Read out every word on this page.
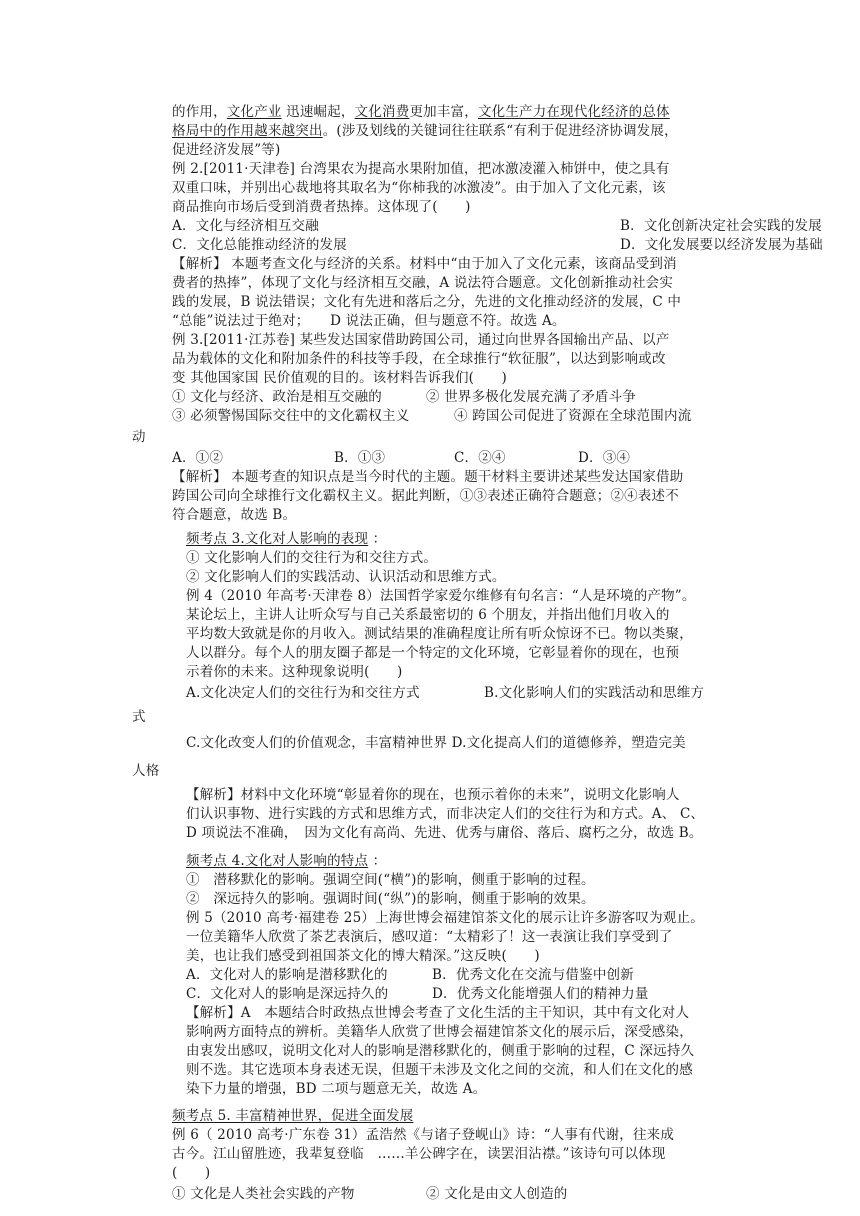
的作用，文化产业 迅速崛起，文化消费更加丰富，文化生产力在现代化经济的总体
格局中的作用越来越突出。(涉及划线的关键词往往联系“有利于促进经济协调发展，
促进经济发展”等)
例 2.[2011·天津卷] 台湾果农为提高水果附加值，把冰激凌灌入柿饼中，使之具有
双重口味，并别出心裁地将其取名为“你柿我的冰激凌”。由于加入了文化元素，该
商品推向市场后受到消费者热捧。这体现了(　　)
A．文化与经济相互交融	B．文化创新决定社会实践的发展
C．文化总能推动经济的发展	D．文化发展要以经济发展为基础
【解析】 本题考查文化与经济的关系。材料中“由于加入了文化元素，该商品受到消
费者的热捧”，体现了文化与经济相互交融，A 说法符合题意。文化创新推动社会实
践的发展，B 说法错误；文化有先进和落后之分，先进的文化推动经济的发展，C 中
“总能”说法过于绝对；　　D 说法正确，但与题意不符。故选 A。
例 3.[2011·江苏卷] 某些发达国家借助跨国公司，通过向世界各国输出产品、以产
品为载体的文化和附加条件的科技等手段，在全球推行“软征服”，以达到影响或改
变 其他国家国 民价值观的目的。该材料告诉我们(　　)
① 文化与经济、政治是相互交融的	② 世界多极化发展充满了矛盾斗争
③ 必须警惕国际交往中的文化霸权主义	④ 跨国公司促进了资源在全球范围内流
动
A．①②	B．①③	C．②④	D．③④
【解析】 本题考查的知识点是当今时代的主题。题干材料主要讲述某些发达国家借助
跨国公司向全球推行文化霸权主义。据此判断，①③表述正确符合题意；②④表述不
符合题意，故选 B。
频考点 3.文化对人影响的表现 ：
① 文化影响人们的交往行为和交往方式。
② 文化影响人们的实践活动、认识活动和思维方式。
例 4（2010 年高考·天津卷 8）法国哲学家爱尔维修有句名言：“人是环境的产物”。
某论坛上，主讲人让听众写与自己关系最密切的 6 个朋友，并指出他们月收入的
平均数大致就是你的月收入。测试结果的准确程度让所有听众惊讶不已。物以类聚，
人以群分。每个人的朋友圈子都是一个特定的文化环境，它彰显着你的现在，也预
示着你的未来。这种现象说明(　　)
A.文化决定人们的交往行为和交往方式	B.文化影响人们的实践活动和思维方
式
C.文化改变人们的价值观念，丰富精神世界 D.文化提高人们的道德修养，塑造完美
人格
【解析】材料中文化环境“彰显着你的现在，也预示着你的未来”，说明文化影响人
们认识事物、进行实践的方式和思维方式，而非决定人们的交往行为和方式。A、 C、
D 项说法不准确，　因为文化有高尚、先进、优秀与庸俗、落后、腐朽之分，故选 B。
频考点 4.文化对人影响的特点 ：
①　潜移默化的影响。强调空间(“横”)的影响，侧重于影响的过程。
②　深远持久的影响。强调时间(“纵”)的影响，侧重于影响的效果。
例 5（2010 高考·福建卷 25）上海世博会福建馆茶文化的展示让许多游客叹为观止。
一位美籍华人欣赏了茶艺表演后，感叹道：“太精彩了！这一表演让我们享受到了
美，也让我们感受到祖国茶文化的博大精深。”这反映(　　)
A．文化对人的影响是潜移默化的	B．优秀文化在交流与借鉴中创新
C．文化对人的影响是深远持久的	D．优秀文化能增强人们的精神力量
【解析】A　本题结合时政热点世博会考查了文化生活的主干知识，其中有文化对人
影响两方面特点的辨析。美籍华人欣赏了世博会福建馆茶文化的展示后，深受感染，
由衷发出感叹，说明文化对人的影响是潜移默化的，侧重于影响的过程，C 深远持久
则不选。其它选项本身表述无误，但题干未涉及文化之间的交流，和人们在文化的感
染下力量的增强，BD 二项与题意无关，故选 A。
频考点 5. 丰富精神世界，促进全面发展
例 6（ 2010 高考·广东卷 31）孟浩然《与诸子登岘山》诗：“人事有代谢，往来成
古今。江山留胜迹，我辈复登临　……羊公碑字在，读罢泪沾襟。”该诗句可以体现
(　　)
① 文化是人类社会实践的产物	② 文化是由文人创造的
